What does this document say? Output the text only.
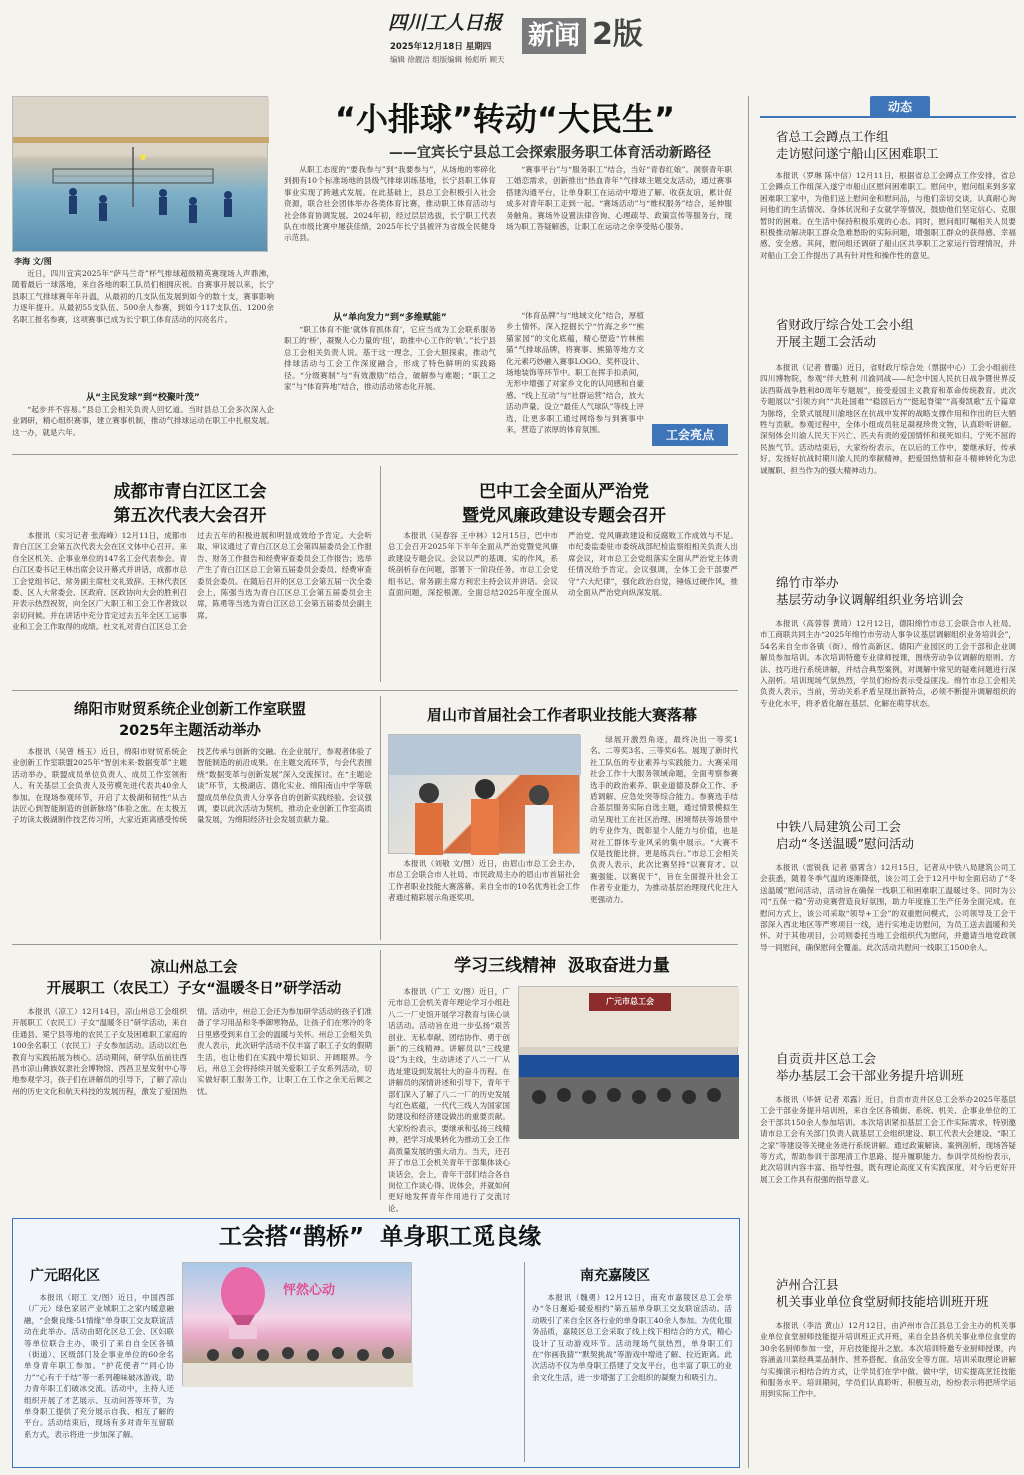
四川工人日报
2025年12月18日 星期四
编辑 徐靓洁 组版编辑 杨彪昕 顾天
新闻 2版
李海 文/图
“小排球”转动“大民生”
——宜宾长宁县总工会探索服务职工体育活动新路径

近日，四川宜宾2025年“萨马兰奇”杯气排球超级精英赛现场人声鼎沸，随着最后一球落地，来自各地的职工队员们相拥庆祝。自赛事开展以来，长宁县职工气排球赛年年升温，从最初的几支队伍发展到如今的数十支，赛事影响力逐年提升。从最初55支队伍、500余人参赛，到如今117支队伍、1200余名职工报名参赛，这项赛事已成为长宁职工体育活动的闪亮名片。

从“主民发球”到“校聚叶茂”

“起步并不容易。”县总工会相关负责人回忆道。当时县总工会多次深入企业调研，精心组织赛事，建立赛事机制，推动气排球运动在职工中扎根发展。这一办，就是六年。

从职工态度的“要我参与”到“我要参与”，从场地的零碎化到拥有10个标准场地的县级气排球训练基地，长宁县职工体育事业实现了跨越式发展。在此基础上，县总工会积极引入社会资源，联合社会团体举办各类体育比赛，推动职工体育活动与社会体育协调发展。2024年初，经过层层选拔，长宁职工代表队在市级比赛中屡获佳绩，2025年长宁县被评为省级全民健身示范县。

从“单向发力”到“多维赋能”

“职工体育不能‘就体育抓体育’，它应当成为工会联系服务职工的‘桥’，凝聚人心力量的‘纽’，助推中心工作的‘轨’。”长宁县总工会相关负责人说。基于这一理念，工会大胆探索，推动气排球活动与工会工作深度融合，形成了特色鲜明的实践路径。“分级赛制”与“有效激励”结合，破解参与难题；“职工之家”与“体育阵地”结合，推动活动常态化开展。

“赛事平台”与“服务职工”结合，当好“青春红娘”。洞察青年职工婚恋需求，创新推出“热血青年”气排球主题交友活动，通过赛事搭建沟通平台，让单身职工在运动中增进了解、收获友谊，累计促成多对青年职工走到一起。“赛场活动”与“维权服务”结合，延伸服务触角。赛场外设置法律咨询、心理疏导、政策宣传等服务台，现场为职工答疑解惑，让职工在运动之余享受贴心服务。

“体育品牌”与“地域文化”结合，厚植乡土情怀。深入挖掘长宁“竹海之乡”“熊猫家园”的文化底蕴，精心塑造“竹林熊猫”气排球品牌，将赛事、熊猫等地方文化元素巧妙融入赛事LOGO、奖杯设计、场地装饰等环节中。职工在挥手扣杀间，无形中增强了对家乡文化的认同感和自豪感。“线上互动”与“社群运营”结合，放大活动声量。设立“最佳人气球队”等线上评选，让更多职工通过网络参与到赛事中来，营造了浓厚的体育氛围。	工会亮点
动态
省总工会蹲点工作组
走访慰问遂宁船山区困难职工

本报讯（罗琳 陈中信）12月11日，根据省总工会蹲点工作安排，省总工会蹲点工作组深入遂宁市船山区慰问困难职工。慰问中，慰问组来到多家困难职工家中，为他们送上慰问金和慰问品，与他们亲切交谈，认真耐心询问他们的生活情况、身体状况和子女就学等情况，鼓励他们坚定信心、克服暂时的困难。在生活中保持积极乐观的心态。同时，慰问组叮嘱相关人员要积极推动解决职工群众急难愁盼的实际问题，增强职工群众的获得感、幸福感、安全感。其间，慰问组还调研了船山区共享职工之家运行管理情况，并对船山工会工作提出了具有针对性和操作性的意见。

省财政厅综合处工会小组
开展主题工会活动

本报讯（记者 曹璐）近日，省财政厅综合处（票据中心）工会小组前往四川博物院，参观“伴大胜利 川渝同战——纪念中国人民抗日战争暨世界反法西斯战争胜利80周年专题展”，接受爱国主义教育和革命传统教育。此次专题展以“引领方向”“共赴国难”“稳固后方”“挺起脊梁”“高奏凯歌”五个篇章为脉络，全景式展现川渝地区在抗战中发挥的战略支撑作用和作出的巨大牺牲与贡献。参观过程中，全体小组成员驻足凝视珍贵文物，认真聆听讲解。深刻体会川渝人民天下兴亡、匹夫有责的爱国情怀和视死如归、宁死不屈的民族气节。活动结束后，大家纷纷表示，在以后的工作中，要继承好、传承好、发扬好抗战时期川渝人民的奉献精神，把爱国热情和奋斗精神转化为忠诚履职、担当作为的强大精神动力。

绵竹市举办
基层劳动争议调解组织业务培训会

本报讯（高蓉蓉 黄琦）12月12日，德阳绵竹市总工会联合市人社局、市工商联共同主办“2025年绵竹市劳动人事争议基层调解组织业务培训会”，54名来自全市各镇（街）、绵竹高新区、德阳产业园区的工会干部和企业调解员参加培训。本次培训特邀专业律师授课，围绕劳动争议调解的原则、方法、技巧进行系统讲解，并结合典型案例，对调解中常见的疑难问题进行深入剖析。培训现场气氛热烈，学员们纷纷表示受益匪浅。绵竹市总工会相关负责人表示，当前，劳动关系矛盾呈现出新特点，必须不断提升调解组织的专业化水平，将矛盾化解在基层、化解在萌芽状态。

中铁八局建筑公司工会
启动“冬送温暖”慰问活动

本报讯（雷锐我 记者 骆霄含）12月15日，记者从中铁八局建筑公司工会获悉，随着冬季气温的逐渐降低，该公司工会于12月中旬全面启动了“冬送温暖”慰问活动，活动旨在确保一线职工和困难职工温暖过冬。同时为公司“五保一稳”劳动竞赛营造良好氛围，助力年度施工生产任务全面完成。在慰问方式上，该公司采取“领导+工会”的双重慰问模式，公司领导及工会干部深入西北地区等严寒项目一线，进行实地走访慰问，为员工送去温暖和关怀。对于其他项目，公司则委托当地工会组织代为慰问，并邀请当地党政领导一同慰问，确保慰问全覆盖。此次活动共慰问一线职工1500余人。

自贡贡井区总工会
举办基层工会干部业务提升培训班

本报讯（毕妍 记者 邓露）近日，自贡市贡井区总工会举办2025年基层工会干部业务提升培训班，来自全区各镇街、系统、机关、企事业单位的工会干部共150余人参加培训。本次培训紧扣基层工会工作实际需求，特别邀请市总工会有关部门负责人就基层工会组织建设、职工代表大会建设、“职工之家”等建设等关键业务进行系统讲解。通过政策解读、案例剖析、现场答疑等方式，帮助参训干部理清工作思路、提升履职能力。参训学员纷纷表示，此次培训内容丰富、指导性强，既有理论高度又有实践深度，对今后更好开展工会工作具有很强的指导意义。

泸州合江县
机关事业单位食堂厨师技能培训班开班

本报讯（李洁 黄山）12月12日，由泸州市合江县总工会主办的机关事业单位食堂厨师技能提升培训班正式开班，来自全县各机关事业单位食堂的30余名厨师参加一堂，开启技能提升之旅。本次培训特邀专业厨师授课，内容涵盖川菜经典菜品制作、营养搭配、食品安全等方面。培训采取理论讲解与实操演示相结合的方式，让学员们在学中做、做中学，切实提高烹饪技能和服务水平。培训期间，学员们认真聆听、积极互动，纷纷表示将把所学运用到实际工作中。

成都市青白江区工会
第五次代表大会召开

本报讯（实习记者 张海峰）12月11日，成都市青白江区工会第五次代表大会在区文体中心召开。来自全区机关、企事业单位的147名工会代表参会。青白江区委书记王林出席会议开幕式并讲话，成都市总工会党组书记、常务副主席杜文礼致辞。王林代表区委、区人大常委会、区政府、区政协向大会的胜利召开表示热烈祝贺，向全区广大职工和工会工作者致以亲切问候。并在讲话中充分肯定过去五年全区工运事业和工会工作取得的成绩。杜文礼对青白江区总工会过去五年的积极进展和明显成效给予肯定。大会听取、审议通过了青白江区总工会第四届委员会工作报告、财务工作报告和经费审查委员会工作报告；选举产生了青白江区总工会第五届委员会委员、经费审查委员会委员。在随后召开的区总工会第五届一次全委会上，陈强当选为青白江区总工会第五届委员会主席，陈勇等当选为青白江区总工会第五届委员会副主席。

巴中工会全面从严治党
暨党风廉政建设专题会召开

本报讯（吴春容 王中林）12月15日，巴中市总工会召开2025年下半年全面从严治党暨党风廉政建设专题会议。会议以严的基调、实的作风，系统剖析存在问题，部署下一阶段任务。市总工会党组书记、常务副主席方利宏主持会议并讲话。会议直面问题，深挖根源。全面总结2025年度全面从严治党、党风廉政建设和反腐败工作成效与不足。市纪委监委驻市委统战部纪检监察组相关负责人出席会议，对市总工会党组落实全面从严治党主体责任情况给予肯定。会议强调，全体工会干部要严守“六大纪律”，强化政治自觉，锤炼过硬作风，推动全面从严治党向纵深发展。

绵阳市财贸系统企业创新工作室联盟
2025年主题活动举办

本报讯（吴曾 杨玉）近日，绵阳市财贸系统企业创新工作室联盟2025年“智创未来·数据变革”主题活动举办，联盟成员单位负责人、成员工作室领衔人、有关基层工会负责人及劳模先进代表共40余人参加。在现场参观环节，开启了太极湖和韧性“从古法匠心到智能制造的创新脉络”体验之旅。在太极五子坊读太极湖制作技艺传习所，大家近距离感受传统技艺传承与创新的交融。在企业展厅，参观者体验了智能制造的前沿成果。在主题交流环节，与会代表围绕“数据变革与创新发展”深入交流探讨。在“主题论谈”环节，太极湖店、德化实业、绵阳南山中学等联盟成员单位负责人分享各自的创新实践经验。会议强调，要以此次活动为契机，推动企业创新工作室高质量发展，为绵阳经济社会发展贡献力量。

眉山市首届社会工作者职业技能大赛落幕

本报讯（刘敬 文/图）近日，由眉山市总工会主办，市总工会联合市人社局、市民政局主办的眉山市首届社会工作者职业技能大赛落幕。来自全市的10名优秀社会工作者通过精彩展示角逐奖项。

绿展开激烈角逐，最终决出一等奖1名、二等奖3名、三等奖6名。展现了新时代社工队伍的专业素养与实践能力。大赛采用社会工作十大服务领域命题，全面考察参赛选手的政治素养、职业道德及群众工作、矛盾调解、应急处突等综合能力。参赛选手结合基层服务实际自选主题，通过情景模拟生动呈现社工在社区治理、困境帮扶等场景中的专业作为，既彰显个人能力与价值，也是对社工群体专业风采的集中展示。“大赛不仅是技能比拼，更是练兵台。”市总工会相关负责人表示，此次比赛坚持“以赛育才、以赛强能、以赛促干”，旨在全面提升社会工作者专业能力，为推动基层治理现代化注入更强动力。

凉山州总工会
开展职工（农民工）子女“温暖冬日”研学活动

本报讯（凉工）12月14日，凉山州总工会组织开展职工（农民工）子女“温暖冬日”研学活动，来自佳通县、冕宁县等地的农民工子女及困难职工家庭的100余名职工（农民工）子女参加活动。活动以红色教育与实践拓展为核心。活动期间，研学队伍前往西昌市凉山彝族奴隶社会博物馆、西昌卫星发射中心等地参观学习，孩子们在讲解员的引导下，了解了凉山州的历史文化和航天科技的发展历程，激发了爱国热情。活动中，州总工会还为参加研学活动的孩子们准备了学习用品和冬季御寒物品，让孩子们在寒冷的冬日里感受到来自工会的温暖与关怀。州总工会相关负责人表示，此次研学活动不仅丰富了职工子女的假期生活，也让他们在实践中增长知识、开阔眼界。今后，州总工会将持续开展关爱职工子女系列活动，切实做好职工服务工作，让职工在工作之余无后顾之忧。

学习三线精神  汲取奋进力量

本报讯（广工 文/图）近日，广元市总工会机关青年理论学习小组赴八二一厂史馆开展学习教育与读心谈话活动。活动旨在进一步弘扬“艰苦创业、无私奉献、团结协作、勇于创新”的三线精神。讲解员以“三线建设”为主线，生动讲述了八二一厂从选址建设到发展壮大的奋斗历程。在讲解员的深情讲述和引导下，青年干部们深入了解了八二一厂的历史发展与红色底蕴，一代代三线人为国家国防建设和经济建设做出的重要贡献。大家纷纷表示，要继承和弘扬三线精神，把学习成果转化为推动工会工作高质量发展的强大动力。当天，还召开了市总工会机关青年干部集体谈心谈话会，会上，青年干部们结合各自岗位工作谈心得、说体会，并就如何更好地发挥青年作用进行了交流讨论。

广元市总工会
工会搭“鹊桥”  单身职工觅良缘
广元昭化区

本报讯（昭工 文/图）近日，中国西部（广元）绿色家居产业城职工之家内暖意融融，“会聚良缘·51情缘”单身职工交友联谊活动在此举办。活动由昭化区总工会、区妇联等单位联合主办，吸引了来自自全区各镇（街道）、区级部门及企事业单位的60余名单身青年职工参加。“护花使者”“同心协力”“心有千千结”等一系列趣味破冰游戏，助力青年职工们破冰交流。活动中，主持人还组织开展了才艺展示、互动问答等环节，为单身职工提供了充分展示自我、相互了解的平台。活动结束后，现场有多对青年互留联系方式，表示将进一步加深了解。

怦然心动
南充嘉陵区

本报讯（魏勇）12月12日，南充市嘉陵区总工会举办“冬日邂逅·暖爱相约”第五届单身职工交友联谊活动。活动吸引了来自全区各行业的单身职工40余人参加。为优化服务品质，嘉陵区总工会采取了线上线下相结合的方式，精心设计了互动游戏环节。活动现场气氛热烈，单身职工们在“你画我猜”“默契挑战”等游戏中增进了解、拉近距离。此次活动不仅为单身职工搭建了交友平台，也丰富了职工的业余文化生活，进一步增强了工会组织的凝聚力和吸引力。
